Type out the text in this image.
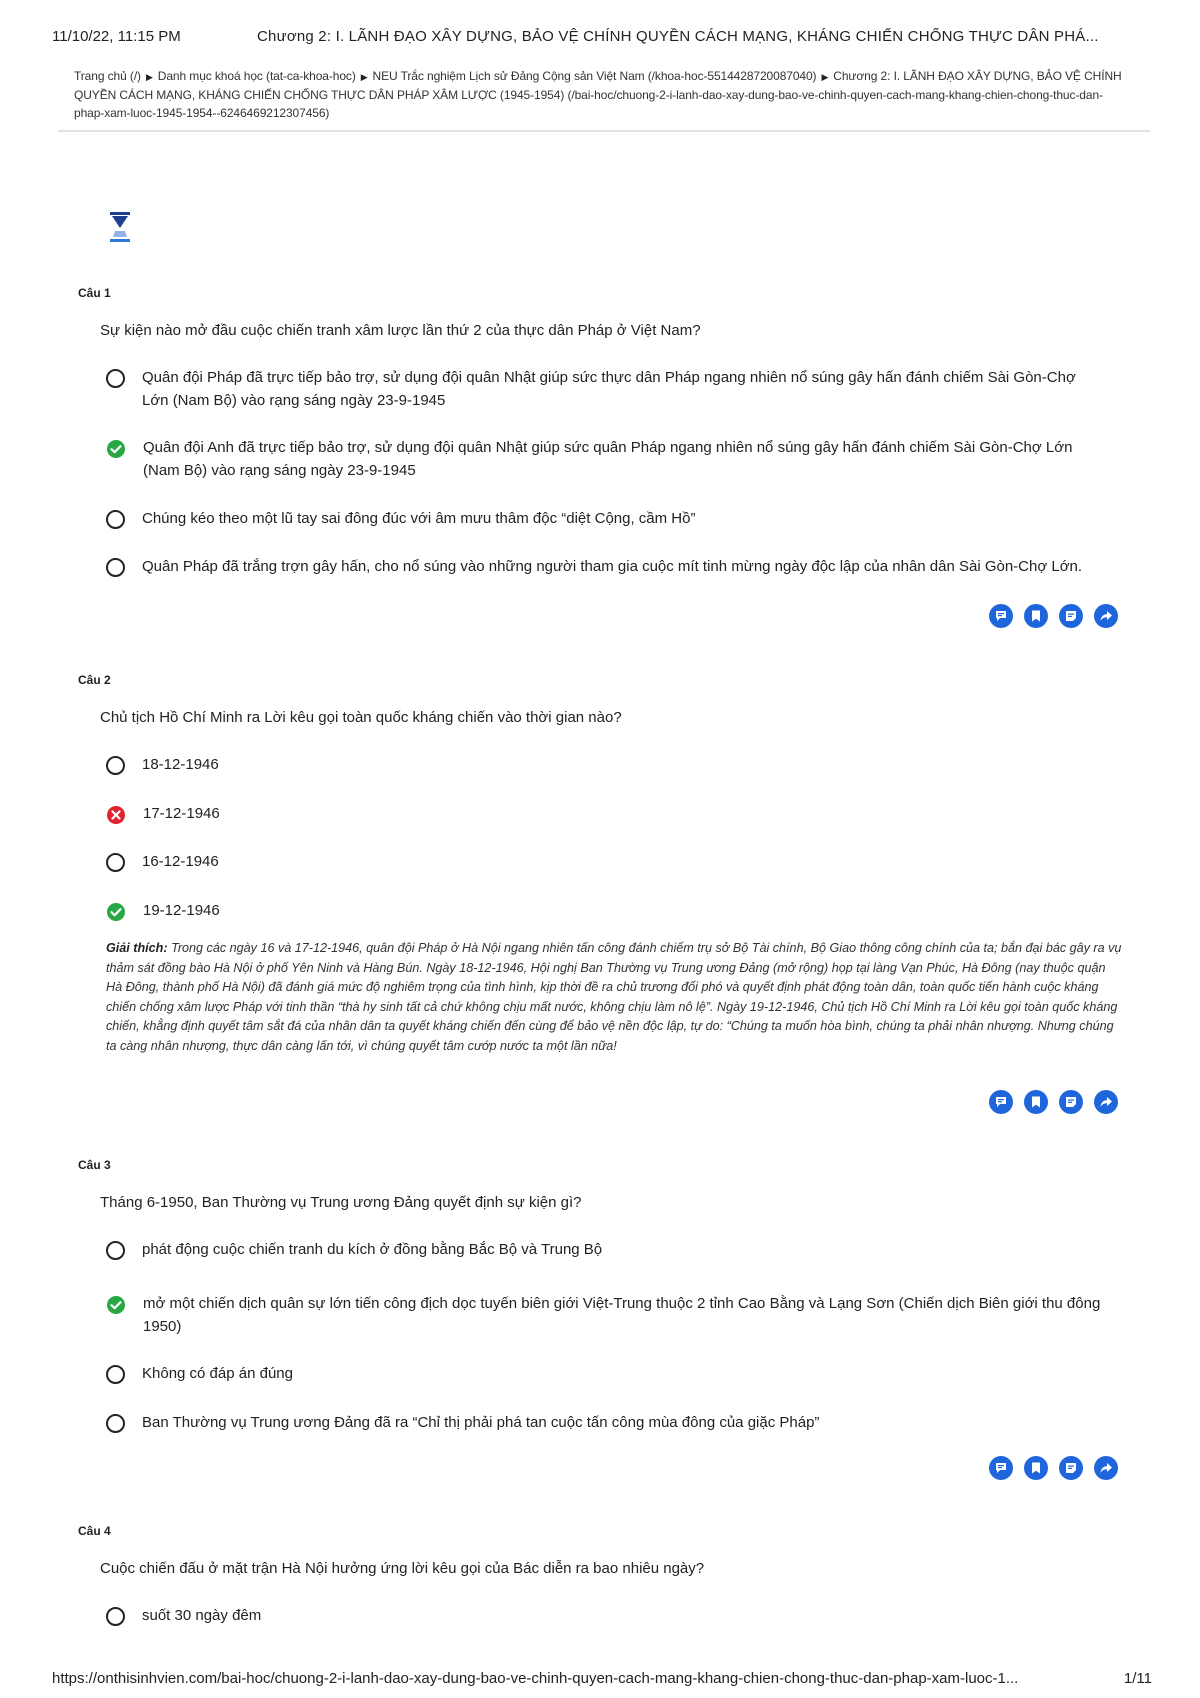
11/10/22, 11:15 PM	Chương 2: I. LÃNH ĐẠO XÂY DỰNG, BẢO VỆ CHÍNH QUYỀN CÁCH MẠNG, KHÁNG CHIẾN CHỐNG THỰC DÂN PHÁ...
Trang chủ (/) ▶ Danh mục khoá học (tat-ca-khoa-hoc) ▶ NEU Trắc nghiệm Lịch sử Đảng Cộng sản Việt Nam (/khoa-hoc-5514428720087040) ▶ Chương 2: I. LÃNH ĐẠO XÂY DỰNG, BẢO VỆ CHÍNH QUYỀN CÁCH MẠNG, KHÁNG CHIẾN CHỐNG THỰC DÂN PHÁP XÂM LƯỢC (1945-1954) (/bai-hoc/chuong-2-i-lanh-dao-xay-dung-bao-ve-chinh-quyen-cach-mang-khang-chien-chong-thuc-dan-phap-xam-luoc-1945-1954--6246469212307456)
Câu 1
Sự kiện nào mở đầu cuộc chiến tranh xâm lược lần thứ 2 của thực dân Pháp ở Việt Nam?
Quân đội Pháp đã trực tiếp bảo trợ, sử dụng đội quân Nhật giúp sức thực dân Pháp ngang nhiên nổ súng gây hấn đánh chiếm Sài Gòn-Chợ Lớn (Nam Bộ) vào rạng sáng ngày 23-9-1945
Quân đội Anh đã trực tiếp bảo trợ, sử dụng đội quân Nhật giúp sức quân Pháp ngang nhiên nổ súng gây hấn đánh chiếm Sài Gòn-Chợ Lớn (Nam Bộ) vào rạng sáng ngày 23-9-1945
Chúng kéo theo một lũ tay sai đông đúc với âm mưu thâm độc “diệt Cộng, cầm Hồ”
Quân Pháp đã trắng trợn gây hấn, cho nổ súng vào những người tham gia cuộc mít tinh mừng ngày độc lập của nhân dân Sài Gòn-Chợ Lớn.
Câu 2
Chủ tịch Hồ Chí Minh ra Lời kêu gọi toàn quốc kháng chiến vào thời gian nào?
18-12-1946
17-12-1946
16-12-1946
19-12-1946
Giải thích: Trong các ngày 16 và 17-12-1946, quân đội Pháp ở Hà Nội ngang nhiên tấn công đánh chiếm trụ sở Bộ Tài chính, Bộ Giao thông công chính của ta; bắn đại bác gây ra vụ thảm sát đồng bào Hà Nội ở phố Yên Ninh và Hàng Bún. Ngày 18-12-1946, Hội nghị Ban Thường vụ Trung ương Đảng (mở rộng) họp tại làng Vạn Phúc, Hà Đông (nay thuộc quận Hà Đông, thành phố Hà Nội) đã đánh giá mức độ nghiêm trọng của tình hình, kịp thời đề ra chủ trương đối phó và quyết định phát động toàn dân, toàn quốc tiến hành cuộc kháng chiến chống xâm lược Pháp với tinh thần “thà hy sinh tất cả chứ không chịu mất nước, không chịu làm nô lệ”. Ngày 19-12-1946, Chủ tịch Hồ Chí Minh ra Lời kêu gọi toàn quốc kháng chiến, khẳng định quyết tâm sắt đá của nhân dân ta quyết kháng chiến đến cùng để bảo vệ nền độc lập, tự do: “Chúng ta muốn hòa bình, chúng ta phải nhân nhượng. Nhưng chúng ta càng nhân nhượng, thực dân càng lấn tới, vì chúng quyết tâm cướp nước ta một lần nữa!
Câu 3
Tháng 6-1950, Ban Thường vụ Trung ương Đảng quyết định sự kiện gì?
phát động cuộc chiến tranh du kích ở đồng bằng Bắc Bộ và Trung Bộ
mở một chiến dịch quân sự lớn tiến công địch dọc tuyến biên giới Việt-Trung thuộc 2 tỉnh Cao Bằng và Lạng Sơn (Chiến dịch Biên giới thu đông 1950)
Không có đáp án đúng
Ban Thường vụ Trung ương Đảng đã ra “Chỉ thị phải phá tan cuộc tấn công mùa đông của giặc Pháp”
Câu 4
Cuộc chiến đấu ở mặt trận Hà Nội hưởng ứng lời kêu gọi của Bác diễn ra bao nhiêu ngày?
suốt 30 ngày đêm
https://onthisinhvien.com/bai-hoc/chuong-2-i-lanh-dao-xay-dung-bao-ve-chinh-quyen-cach-mang-khang-chien-chong-thuc-dan-phap-xam-luoc-1...	1/11
